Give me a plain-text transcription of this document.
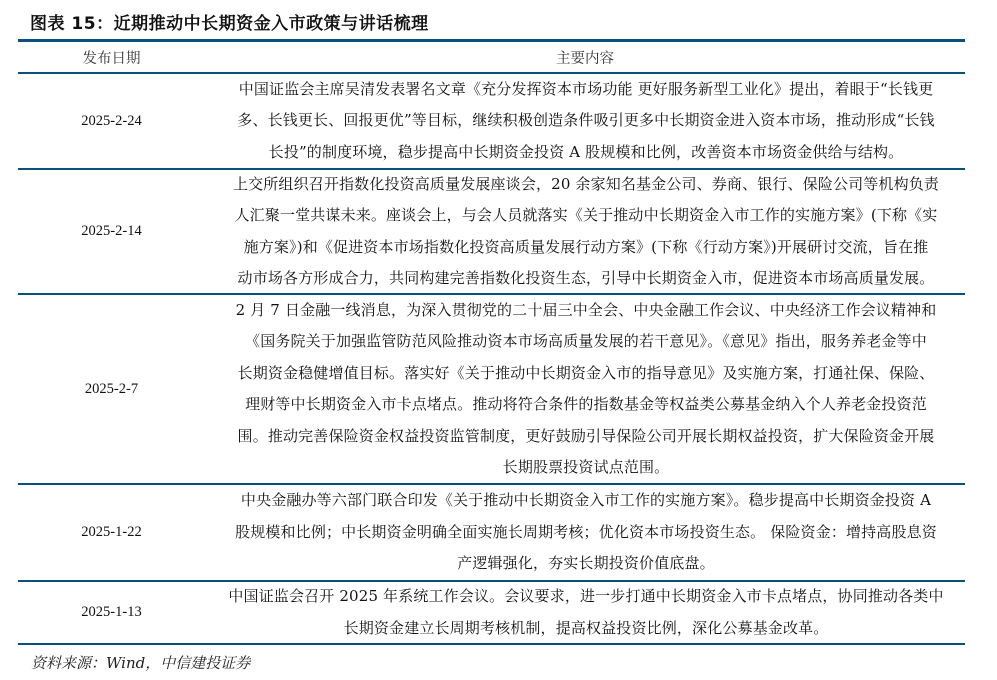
图表 15：近期推动中长期资金入市政策与讲话梳理
发布日期	主要内容
2025-2-24
中国证监会主席吴清发表署名文章《充分发挥资本市场功能 更好服务新型工业化》提出，着眼于“长钱更
多、长钱更长、回报更优”等目标，继续积极创造条件吸引更多中长期资金进入资本市场，推动形成“长钱
长投”的制度环境，稳步提高中长期资金投资 A 股规模和比例，改善资本市场资金供给与结构。
2025-2-14
上交所组织召开指数化投资高质量发展座谈会，20 余家知名基金公司、券商、银行、保险公司等机构负责
人汇聚一堂共谋未来。座谈会上，与会人员就落实《关于推动中长期资金入市工作的实施方案》(下称《实
施方案》)和《促进资本市场指数化投资高质量发展行动方案》(下称《行动方案》)开展研讨交流，旨在推
动市场各方形成合力，共同构建完善指数化投资生态，引导中长期资金入市，促进资本市场高质量发展。
2025-2-7
2 月 7 日金融一线消息，为深入贯彻党的二十届三中全会、中央金融工作会议、中央经济工作会议精神和
《国务院关于加强监管防范风险推动资本市场高质量发展的若干意见》。《意见》指出，服务养老金等中
长期资金稳健增值目标。落实好《关于推动中长期资金入市的指导意见》及实施方案，打通社保、保险、
理财等中长期资金入市卡点堵点。推动将符合条件的指数基金等权益类公募基金纳入个人养老金投资范
围。推动完善保险资金权益投资监管制度，更好鼓励引导保险公司开展长期权益投资，扩大保险资金开展
长期股票投资试点范围。
2025-1-22
中央金融办等六部门联合印发《关于推动中长期资金入市工作的实施方案》。稳步提高中长期资金投资 A
股规模和比例；中长期资金明确全面实施长周期考核；优化资本市场投资生态。 保险资金：增持高股息资
产逻辑强化，夯实长期投资价值底盘。
2025-1-13
中国证监会召开 2025 年系统工作会议。会议要求，进一步打通中长期资金入市卡点堵点，协同推动各类中
长期资金建立长周期考核机制，提高权益投资比例，深化公募基金改革。
资料来源：Wind，中信建投证券
